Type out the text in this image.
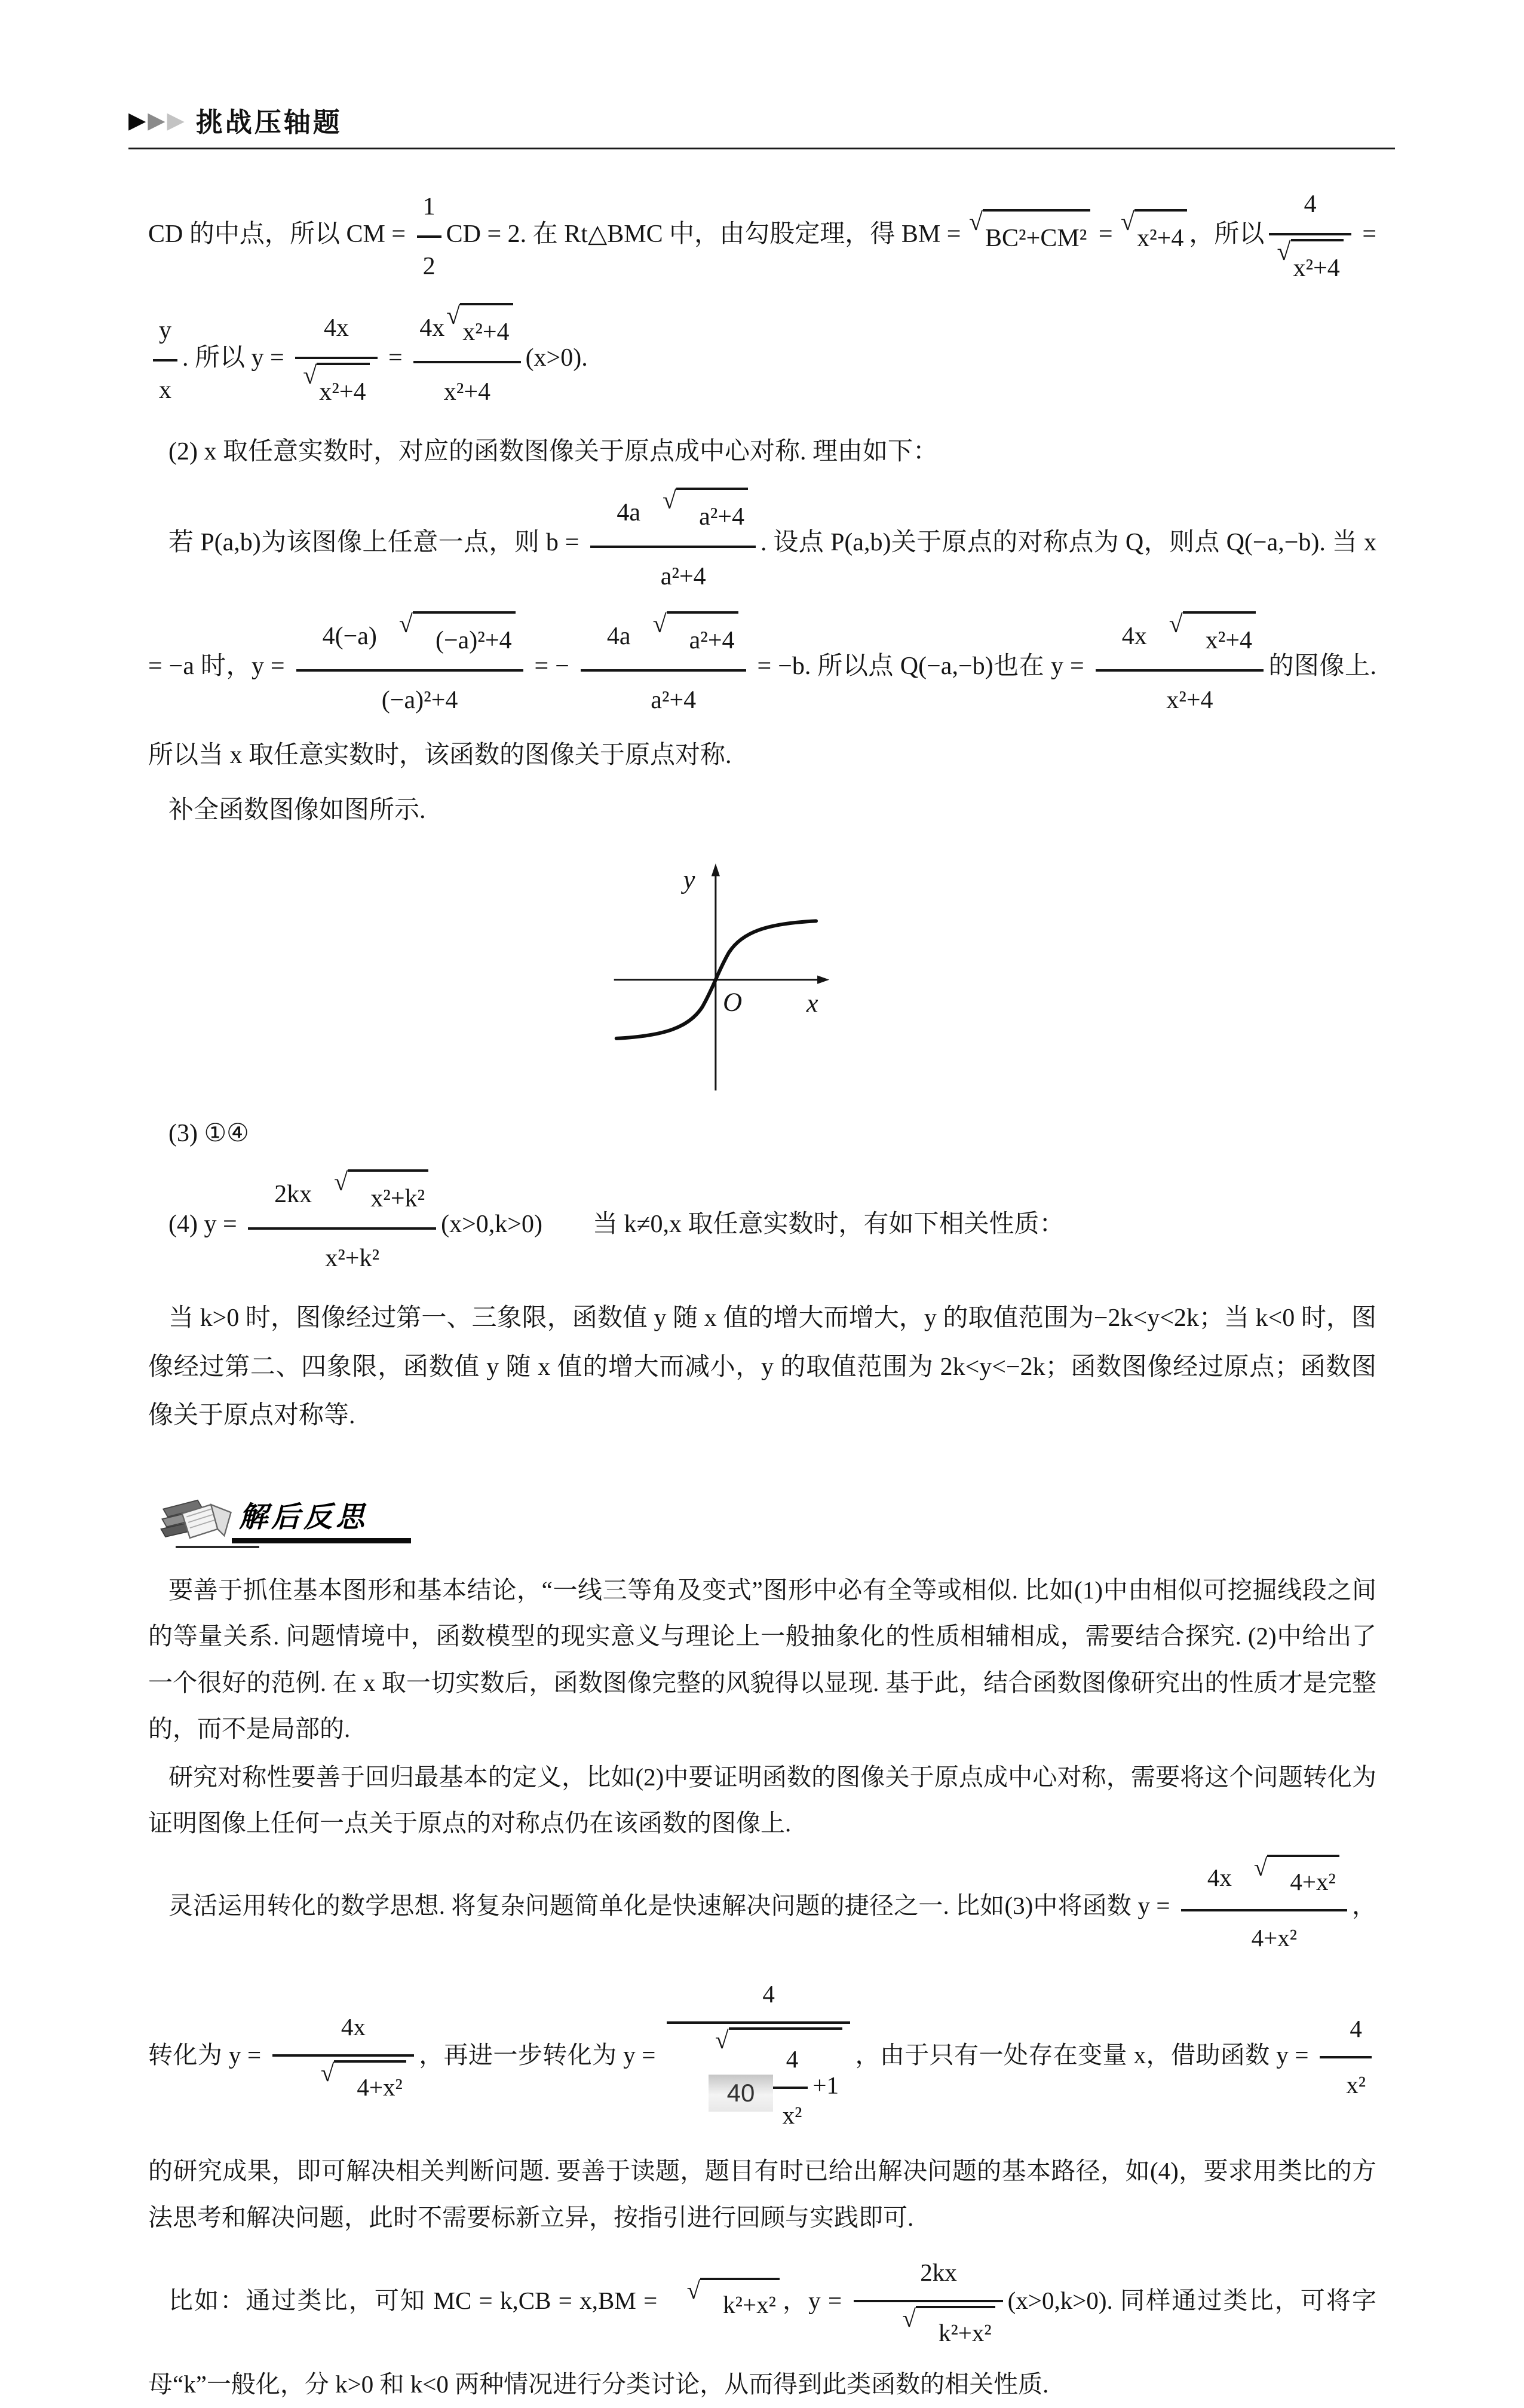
▶ ▶ ▶ 挑战压轴题

CD 的中点，所以 CM = $\frac{1}{2}$ CD = 2. 在 Rt△BMC 中，由勾股定理，得 BM = √
BC²+CM² = √
x²+4 ，所以 4
√
x²+4 =
$\frac{y}{x}$ . 所以 y = 4x
√
x²+4 = 4x √
x²+4
x²+4 (x>0).

(2) x 取任意实数时，对应的函数图像关于原点成中心对称. 理由如下：

若 P(a,b)为该图像上任意一点，则 b = 4a √
a²+4
a²+4 . 设点 P(a,b)关于原点的对称点为 Q，则点 Q(−a,−b). 当 x = −a 时，y = 4(−a) √
(−a)²+4
(−a)²+4 = − 4a √
a²+4
a²+4 = −b. 所以点 Q(−a,−b)也在 y = 4x √
x²+4
x²+4 的图像上. 所以当 x 取任意实数时，该函数的图像关于原点对称.

补全函数图像如图所示.

y
x
O

(3) ①④

(4) y = 2kx √
x²+k²
x²+k² (x>0,k>0)　　当 k≠0,x 取任意实数时，有如下相关性质：

当 k>0 时，图像经过第一、三象限，函数值 y 随 x 值的增大而增大，y 的取值范围为−2k<y<2k；当 k<0 时，图像经过第二、四象限，函数值 y 随 x 值的增大而减小，y 的取值范围为 2k<y<−2k；函数图像经过原点；函数图像关于原点对称等.

解后反思

要善于抓住基本图形和基本结论，“一线三等角及变式”图形中必有全等或相似. 比如(1)中由相似可挖掘线段之间的等量关系. 问题情境中，函数模型的现实意义与理论上一般抽象化的性质相辅相成，需要结合探究. (2)中给出了一个很好的范例. 在 x 取一切实数后，函数图像完整的风貌得以显现. 基于此，结合函数图像研究出的性质才是完整的，而不是局部的.

研究对称性要善于回归最基本的定义，比如(2)中要证明函数的图像关于原点成中心对称，需要将这个问题转化为证明图像上任何一点关于原点的对称点仍在该函数的图像上.

灵活运用转化的数学思想. 将复杂问题简单化是快速解决问题的捷径之一. 比如(3)中将函数 y = 4x √
4+x²
4+x² ，转化为 y = 4x
√
4+x² ，再进一步转化为 $y = \frac{4}{√ \frac{4}{\text{x²}} +1}$ ，由于只有一处存在变量 x，借助函数 $y = \frac{4}{\text{x²}}$
的研究成果，即可解决相关判断问题. 要善于读题，题目有时已给出解决问题的基本路径，如(4)，要求用类比的方法思考和解决问题，此时不需要标新立异，按指引进行回顾与实践即可.

比如：通过类比，可知 MC = k,CB = x,BM = √
k²+x² ，y = 2kx
√
k²+x² (x>0,k>0). 同样通过类比，可将字母“k”一般化，分 k>0 和 k<0 两种情况进行分类讨论，从而得到此类函数的相关性质.

40
